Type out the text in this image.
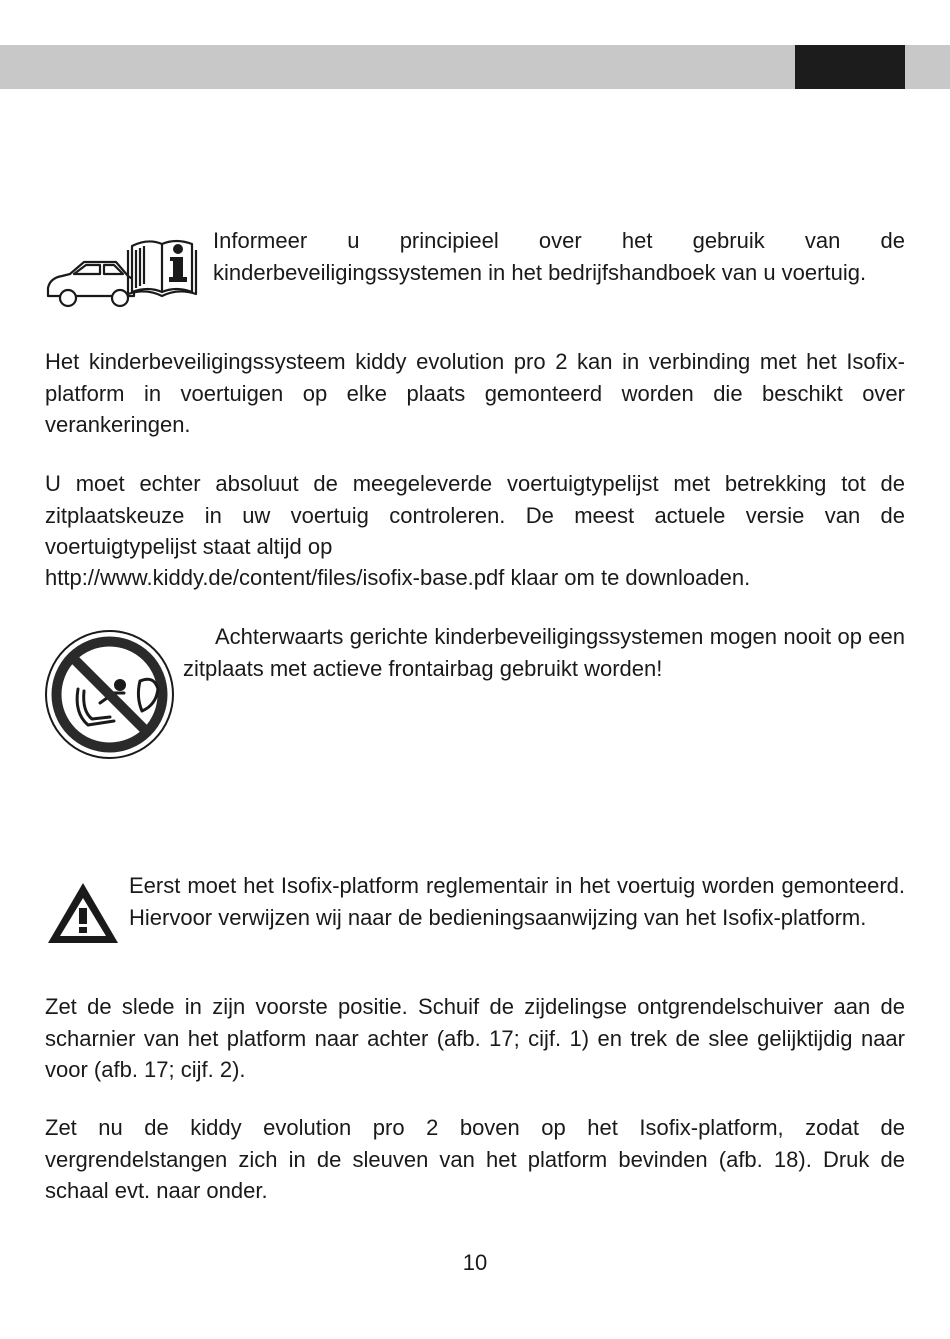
Informeer u principieel over het gebruik van de kinderbeveiligingssystemen in het bedrijfshandboek van u voertuig.

Het kinderbeveiligingssysteem kiddy evolution pro 2 kan in verbinding met het Isofix-platform in voertuigen op elke plaats gemonteerd worden die beschikt over verankeringen.

U moet echter absoluut de meegeleverde voertuigtypelijst met betrekking tot de zitplaatskeuze in uw voertuig controleren. De meest actuele versie van de voertuigtypelijst staat altijd op

http://www.kiddy.de/content/files/isofix-base.pdf klaar om te downloaden.

Achterwaarts gerichte kinderbeveiligingssystemen mogen nooit op een zitplaats met actieve frontairbag gebruikt worden!

Eerst moet het Isofix-platform reglementair in het voertuig worden gemonteerd. Hiervoor verwijzen wij naar de bedieningsaanwijzing van het Isofix-platform.

Zet de slede in zijn voorste positie. Schuif de zijdelingse ontgrendelschuiver aan de scharnier van het platform naar achter (afb. 17; cijf. 1) en trek de slee gelijktijdig naar voor (afb. 17; cijf. 2).

Zet nu de kiddy evolution pro 2 boven op het Isofix-platform, zodat de vergrendelstangen zich in de sleuven van het platform bevinden (afb. 18). Druk de schaal evt. naar onder.

10
